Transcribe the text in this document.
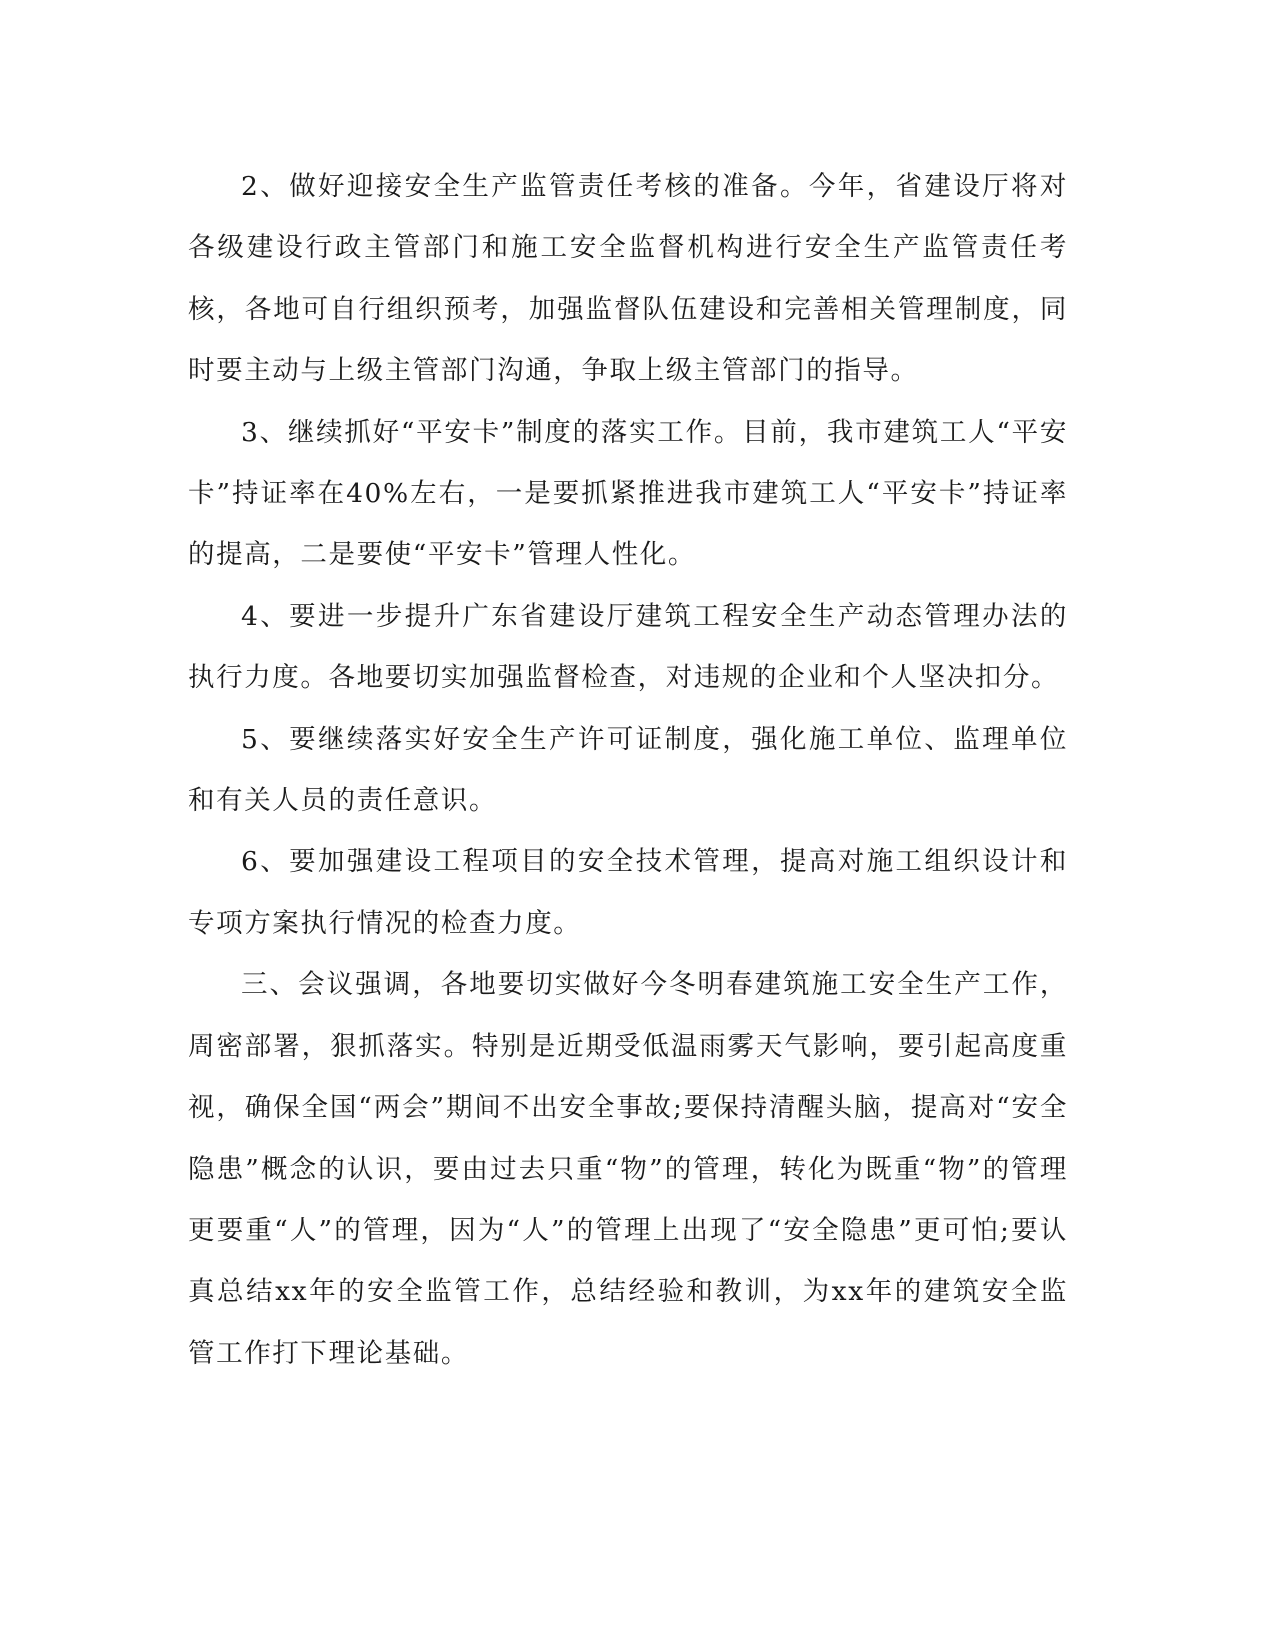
2、做好迎接安全生产监管责任考核的准备。今年，省建设厅将对各级建设行政主管部门和施工安全监督机构进行安全生产监管责任考核，各地可自行组织预考，加强监督队伍建设和完善相关管理制度，同时要主动与上级主管部门沟通，争取上级主管部门的指导。

3、继续抓好“平安卡”制度的落实工作。目前，我市建筑工人“平安卡”持证率在40%左右，一是要抓紧推进我市建筑工人“平安卡”持证率的提高，二是要使“平安卡”管理人性化。

4、要进一步提升广东省建设厅建筑工程安全生产动态管理办法的执行力度。各地要切实加强监督检查，对违规的企业和个人坚决扣分。

5、要继续落实好安全生产许可证制度，强化施工单位、监理单位和有关人员的责任意识。

6、要加强建设工程项目的安全技术管理，提高对施工组织设计和专项方案执行情况的检查力度。

三、会议强调，各地要切实做好今冬明春建筑施工安全生产工作，周密部署，狠抓落实。特别是近期受低温雨雾天气影响，要引起高度重视，确保全国“两会”期间不出安全事故;要保持清醒头脑，提高对“安全隐患”概念的认识，要由过去只重“物”的管理，转化为既重“物”的管理更要重“人”的管理，因为“人”的管理上出现了“安全隐患”更可怕;要认真总结xx年的安全监管工作，总结经验和教训，为xx年的建筑安全监管工作打下理论基础。
